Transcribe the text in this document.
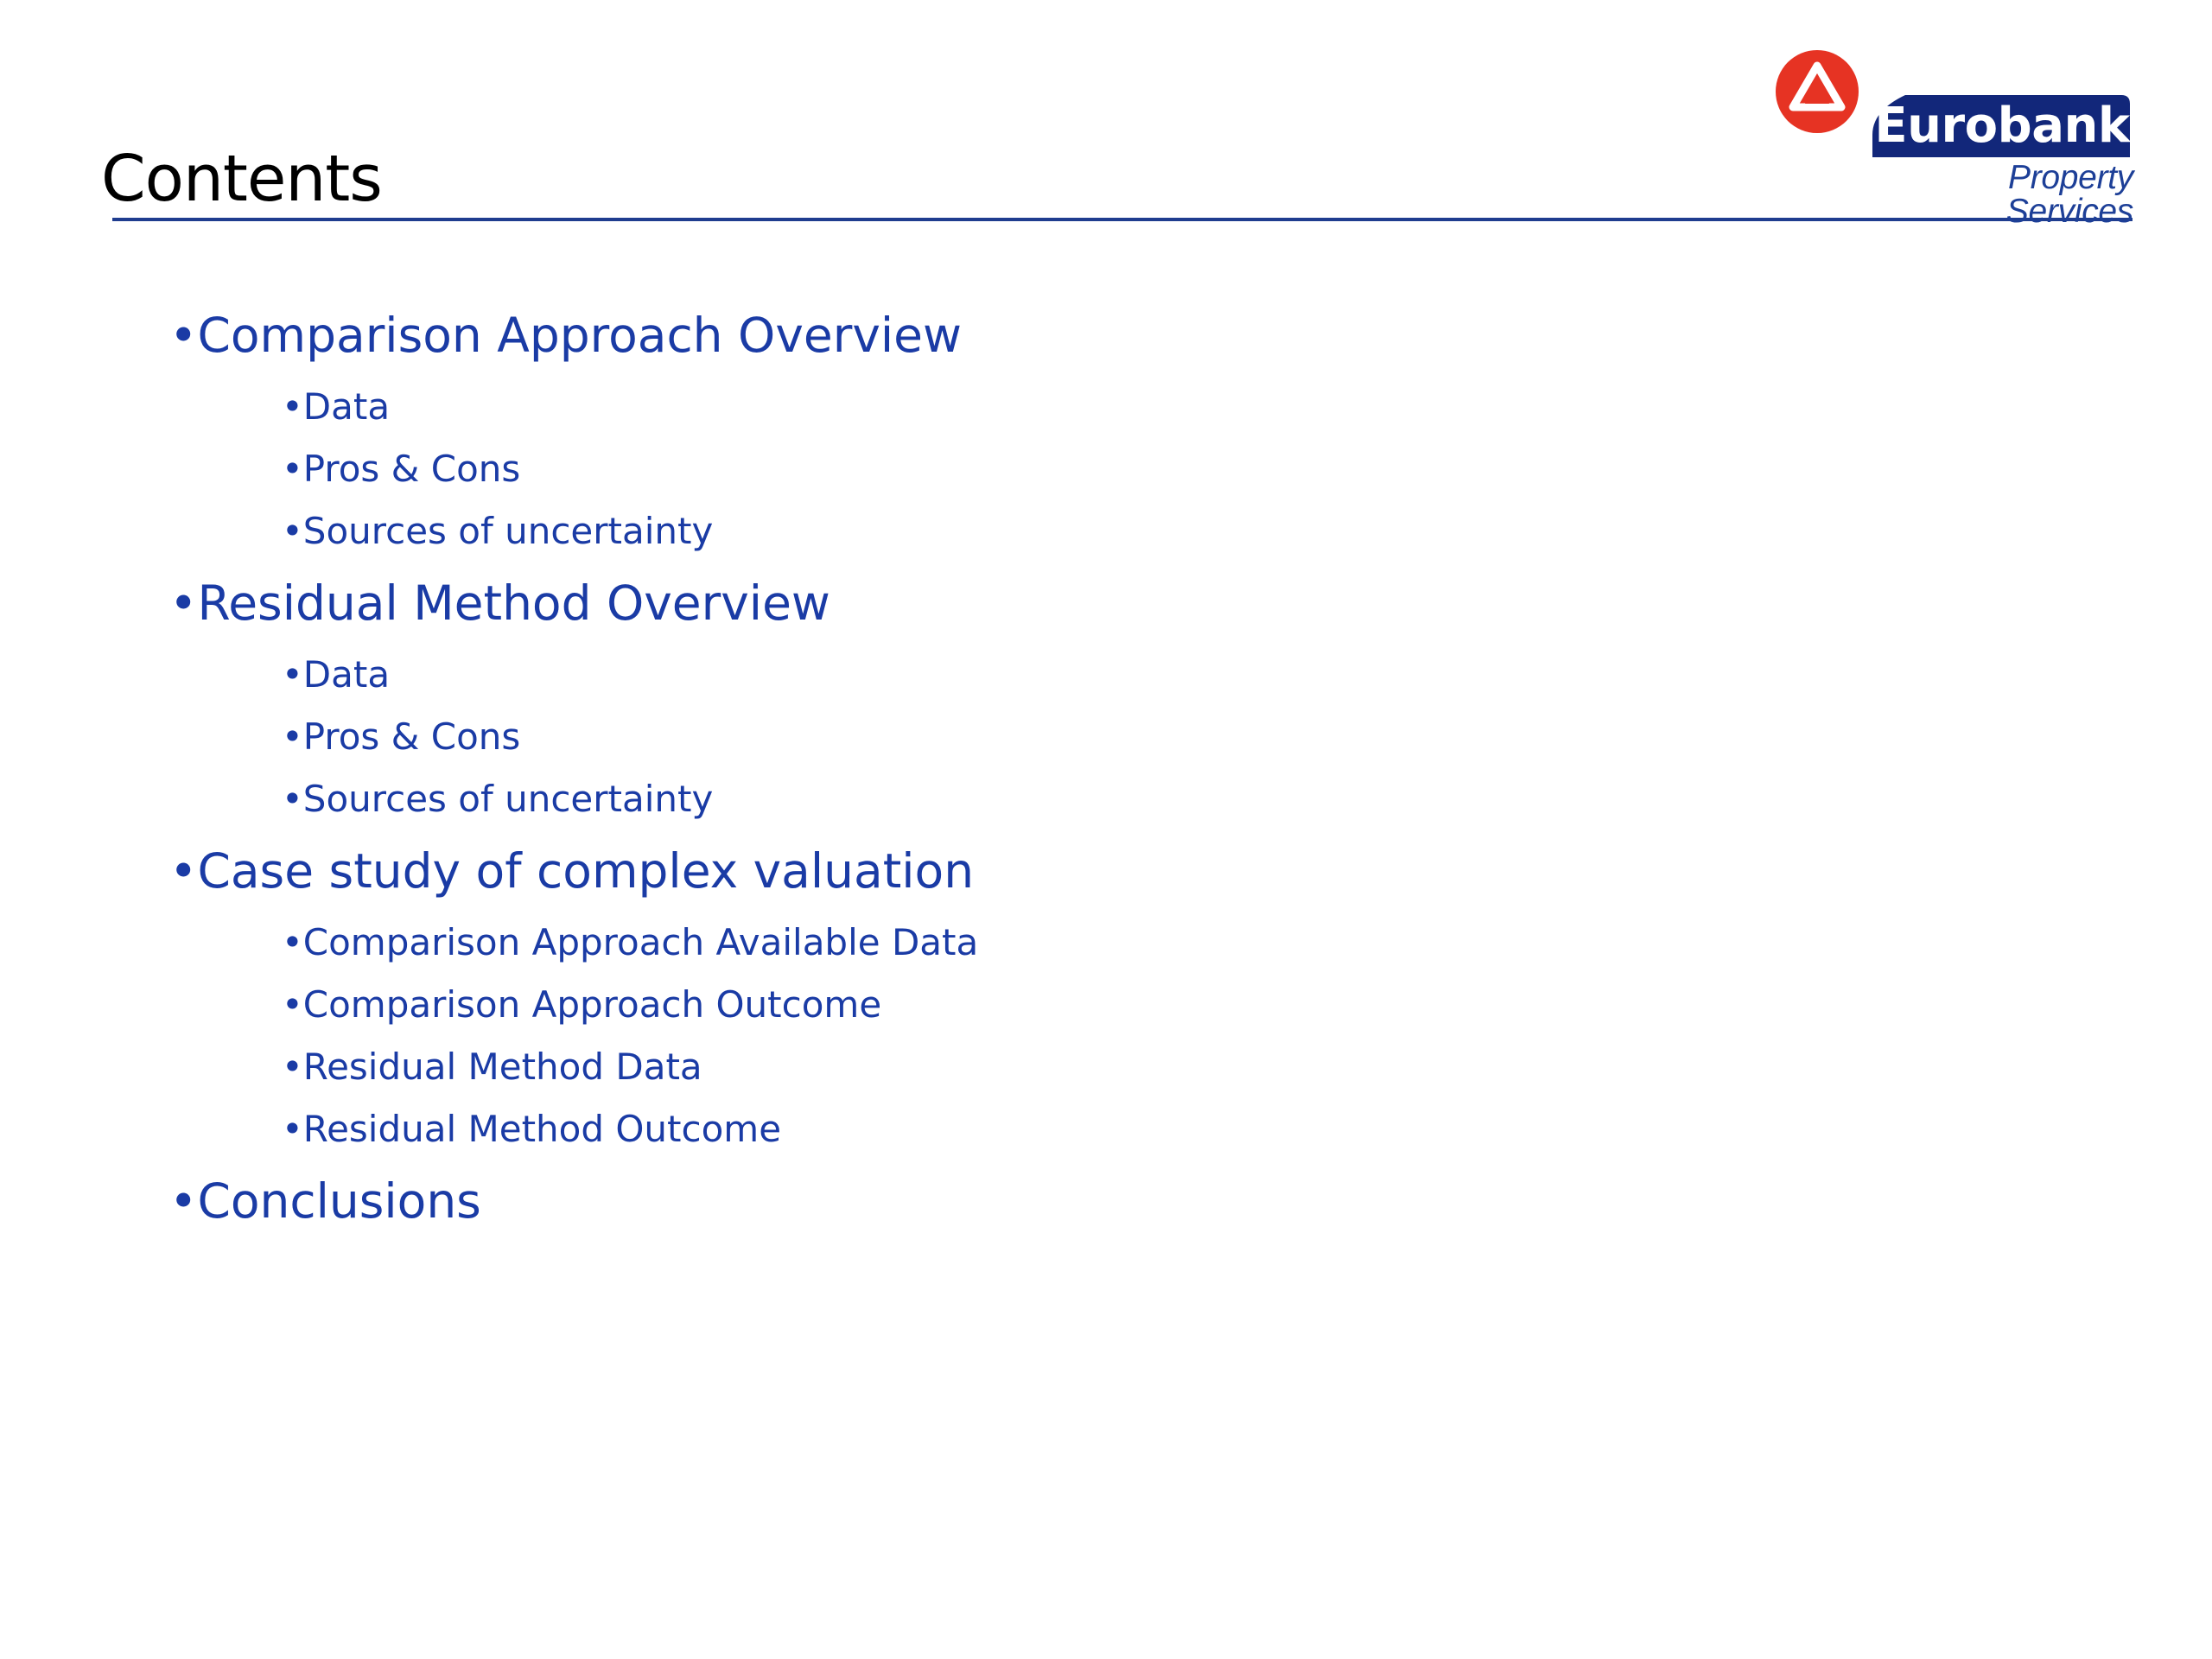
Contents
Eurobank
Property Services
• Comparison Approach Overview
• Data
• Pros & Cons
• Sources of uncertainty
• Residual Method Overview
• Data
• Pros & Cons
• Sources of uncertainty
• Case study of complex valuation
• Comparison Approach Available Data
• Comparison Approach Outcome
• Residual Method Data
• Residual Method Outcome
• Conclusions
